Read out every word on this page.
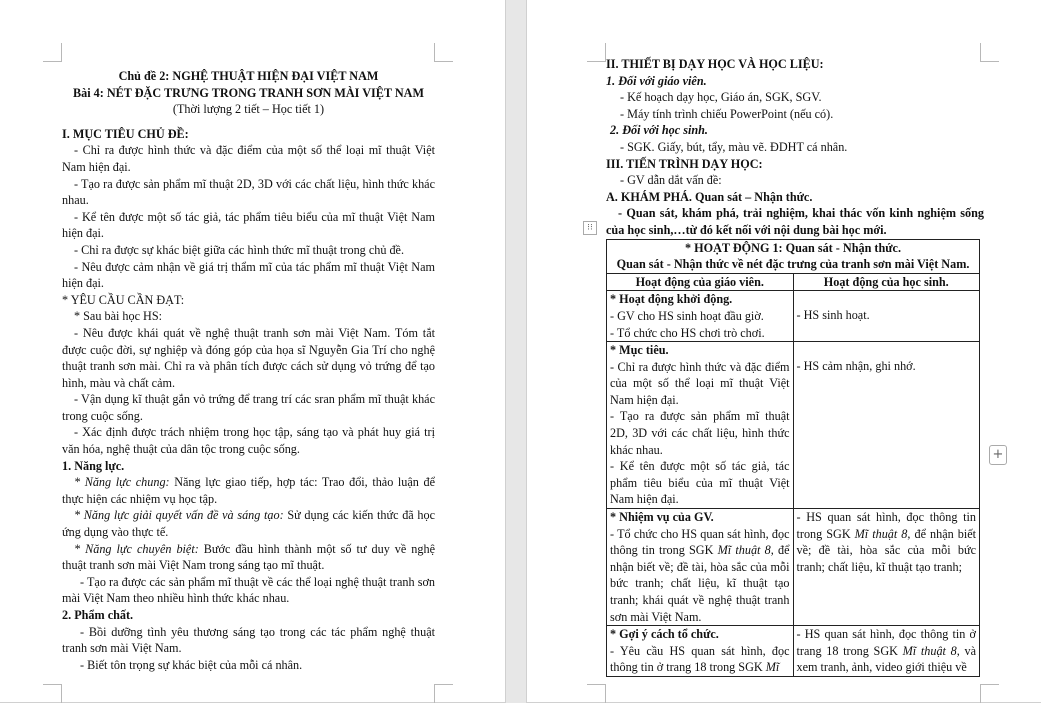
Chủ đề 2: NGHỆ THUẬT HIỆN ĐẠI VIỆT NAM

Bài 4: NÉT ĐẶC TRƯNG TRONG TRANH SƠN MÀI VIỆT NAM

(Thời lượng 2 tiết – Học tiết 1)

I. MỤC TIÊU CHỦ ĐỀ:

- Chỉ ra được hình thức và đặc điểm của một số thể loại mĩ thuật Việt Nam hiện đại.

- Tạo ra được sản phẩm mĩ thuật 2D, 3D với các chất liệu, hình thức khác nhau.

- Kể tên được một số tác giả, tác phẩm tiêu biểu của mĩ thuật Việt Nam hiện đại.

- Chỉ ra được sự khác biệt giữa các hình thức mĩ thuật trong chủ đề.

- Nêu được cảm nhận về giá trị thẩm mĩ của tác phẩm mĩ thuật Việt Nam hiện đại.

* YÊU CẦU CẦN ĐẠT:

* Sau bài học HS:

- Nêu được khái quát về nghệ thuật tranh sơn mài Việt Nam. Tóm tắt được cuộc đời, sự nghiệp và đóng góp của họa sĩ Nguyễn Gia Trí cho nghệ thuật tranh sơn mài. Chỉ ra và phân tích được cách sử dụng vỏ trứng để tạo hình, màu và chất cảm.

- Vận dụng kĩ thuật gắn vỏ trứng để trang trí các sran phẩm mĩ thuật khác trong cuộc sống.

- Xác định được trách nhiệm trong học tập, sáng tạo và phát huy giá trị văn hóa, nghệ thuật của dân tộc trong cuộc sống.

1. Năng lực.

* Năng lực chung: Năng lực giao tiếp, hợp tác: Trao đổi, thảo luận để thực hiện các nhiệm vụ học tập.

* Năng lực giải quyết vấn đề và sáng tạo: Sử dụng các kiến thức đã học ứng dụng vào thực tế.

* Năng lực chuyên biệt: Bước đầu hình thành một số tư duy về nghệ thuật tranh sơn mài Việt Nam trong sáng tạo mĩ thuật.

- Tạo ra được các sản phẩm mĩ thuật về các thể loại nghệ thuật tranh sơn mài Việt Nam theo nhiều hình thức khác nhau.

2. Phẩm chất.

- Bồi dưỡng tình yêu thương sáng tạo trong các tác phẩm nghệ thuật tranh sơn mài Việt Nam.

- Biết tôn trọng sự khác biệt của mỗi cá nhân.

II. THIẾT BỊ DẠY HỌC VÀ HỌC LIỆU:

1. Đối với giáo viên.

- Kế hoạch dạy học, Giáo án, SGK, SGV.

- Máy tính trình chiếu PowerPoint (nếu có).

2. Đối với học sinh.

- SGK. Giấy, bút, tẩy, màu vẽ. ĐDHT cá nhân.

III. TIẾN TRÌNH DẠY HỌC:

- GV dẫn dắt vấn đề:

A. KHÁM PHÁ. Quan sát – Nhận thức.

- Quan sát, khám phá, trải nghiệm, khai thác vốn kinh nghiệm sống của học sinh,…từ đó kết nối với nội dung bài học mới.

* HOẠT ĐỘNG 1: Quan sát - Nhận thức.
Quan sát - Nhận thức về nét đặc trưng của tranh sơn mài Việt Nam.	

Hoạt động của giáo viên.	Hoạt động của học sinh.

* Hoạt động khởi động.
- GV cho HS sinh hoạt đầu giờ.
- Tổ chức cho HS chơi trò chơi.	- HS sinh hoạt.

* Mục tiêu.
- Chỉ ra được hình thức và đặc điểm của một số thể loại mĩ thuật Việt Nam hiện đại.
- Tạo ra được sản phẩm mĩ thuật 2D, 3D với các chất liệu, hình thức khác nhau.
- Kể tên được một số tác giả, tác phẩm tiêu biểu của mĩ thuật Việt Nam hiện đại.	- HS cảm nhận, ghi nhớ.

* Nhiệm vụ của GV.
- Tổ chức cho HS quan sát hình, đọc thông tin trong SGK Mĩ thuật 8, để nhận biết về; đề tài, hòa sắc của mỗi bức tranh; chất liệu, kĩ thuật tạo tranh; khái quát về nghệ thuật tranh sơn mài Việt Nam.	- HS quan sát hình, đọc thông tin trong SGK Mĩ thuật 8, để nhận biết về; đề tài, hòa sắc của mỗi bức tranh; chất liệu, kĩ thuật tạo tranh;

* Gợi ý cách tổ chức.
- Yêu cầu HS quan sát hình, đọc thông tin ở trang 18 trong SGK Mĩ	- HS quan sát hình, đọc thông tin ở trang 18 trong SGK Mĩ thuật 8, và xem tranh, ảnh, video giới thiệu về
⁝⁝
+
